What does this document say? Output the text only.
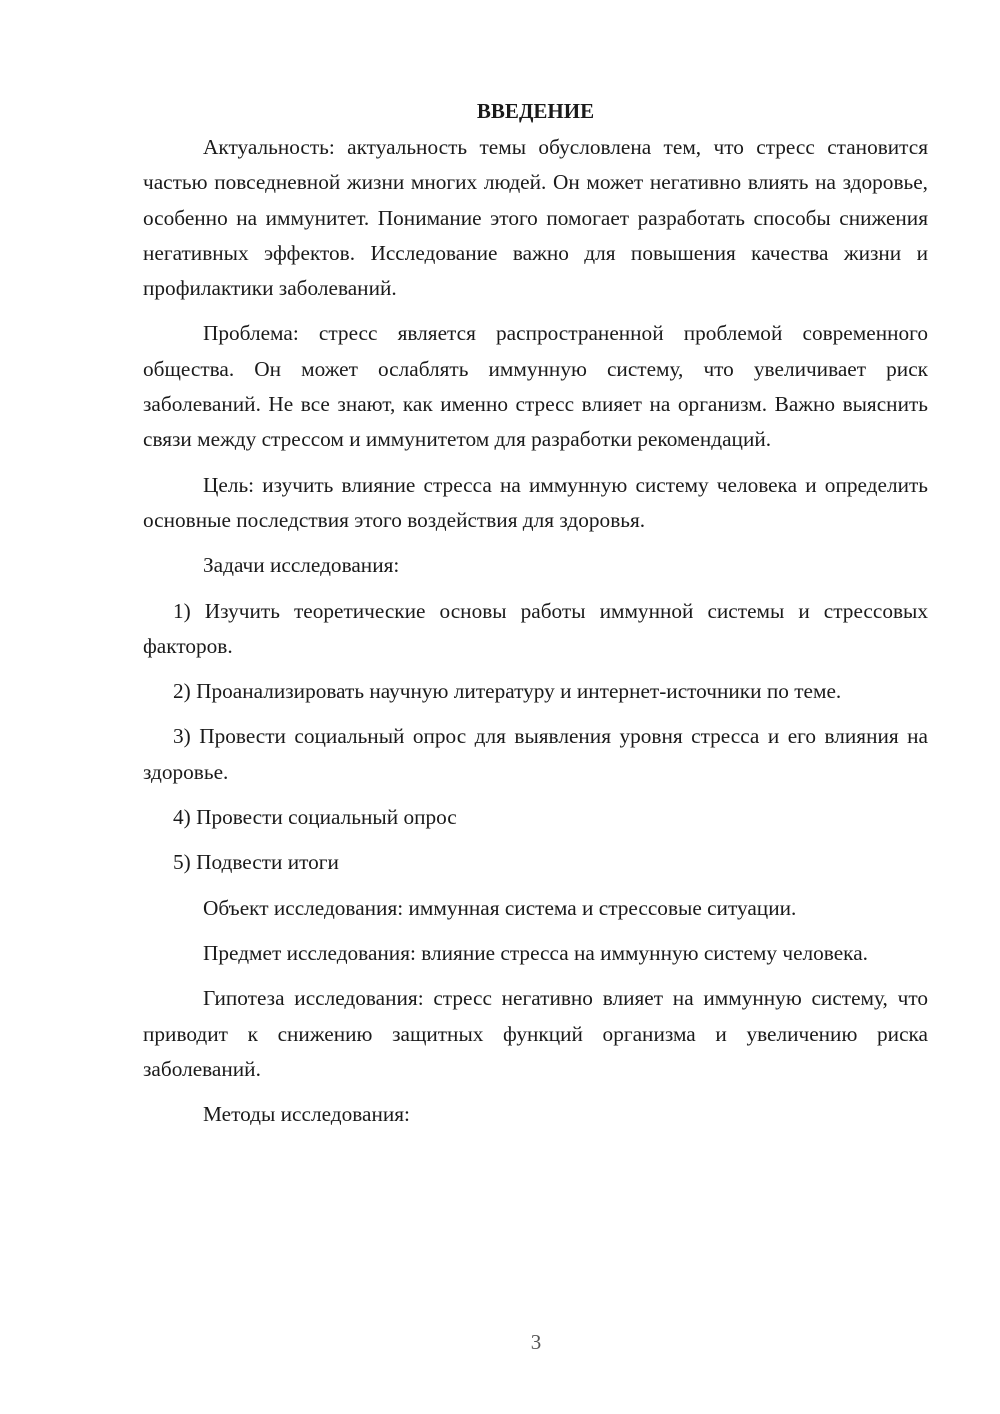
ВВЕДЕНИЕ

Актуальность: актуальность темы обусловлена тем, что стресс становится частью повседневной жизни многих людей. Он может негативно влиять на здоровье, особенно на иммунитет. Понимание этого помогает разработать способы снижения негативных эффектов. Исследование важно для повышения качества жизни и профилактики заболеваний.

Проблема: стресс является распространенной проблемой современного общества. Он может ослаблять иммунную систему, что увеличивает риск заболеваний. Не все знают, как именно стресс влияет на организм. Важно выяснить связи между стрессом и иммунитетом для разработки рекомендаций.

Цель: изучить влияние стресса на иммунную систему человека и определить основные последствия этого воздействия для здоровья.

Задачи исследования:

1) Изучить теоретические основы работы иммунной системы и стрессовых факторов.

2) Проанализировать научную литературу и интернет-источники по теме.

3) Провести социальный опрос для выявления уровня стресса и его влияния на здоровье.

4) Провести социальный опрос

5) Подвести итоги

Объект исследования: иммунная система и стрессовые ситуации.

Предмет исследования: влияние стресса на иммунную систему человека.

Гипотеза исследования: стресс негативно влияет на иммунную систему, что приводит к снижению защитных функций организма и увеличению риска заболеваний.

Методы исследования:

3
